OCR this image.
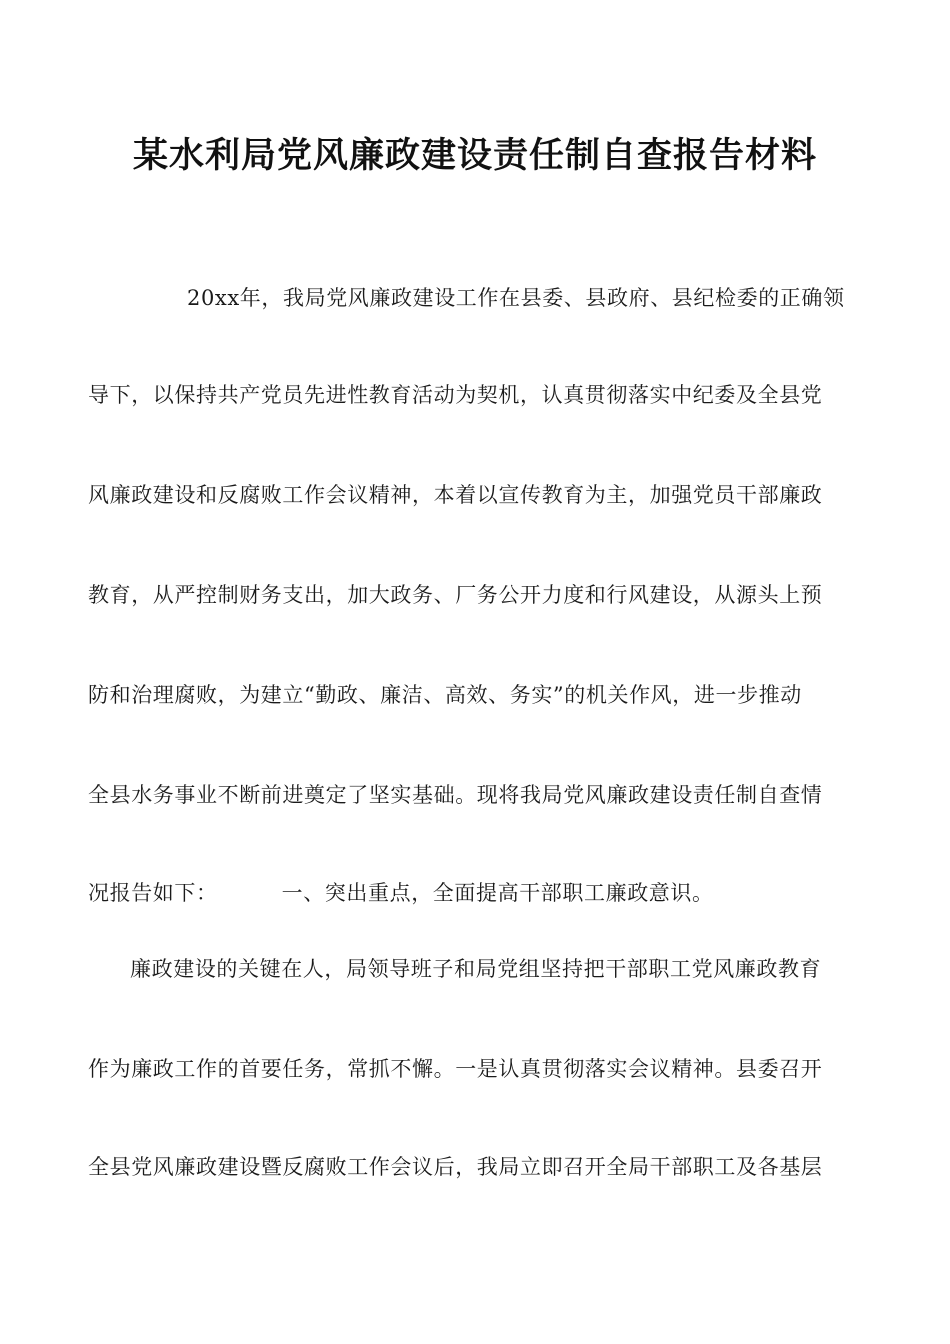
某水利局党风廉政建设责任制自查报告材料
20xx年，我局党风廉政建设工作在县委、县政府、县纪检委的正确领
导下，以保持共产党员先进性教育活动为契机，认真贯彻落实中纪委及全县党
风廉政建设和反腐败工作会议精神，本着以宣传教育为主，加强党员干部廉政
教育，从严控制财务支出，加大政务、厂务公开力度和行风建设，从源头上预
防和治理腐败，为建立“勤政、廉洁、高效、务实”的机关作风，进一步推动
全县水务事业不断前进奠定了坚实基础。现将我局党风廉政建设责任制自查情
况报告如下：	一、突出重点，全面提高干部职工廉政意识。
廉政建设的关键在人，局领导班子和局党组坚持把干部职工党风廉政教育
作为廉政工作的首要任务，常抓不懈。一是认真贯彻落实会议精神。县委召开
全县党风廉政建设暨反腐败工作会议后，我局立即召开全局干部职工及各基层
